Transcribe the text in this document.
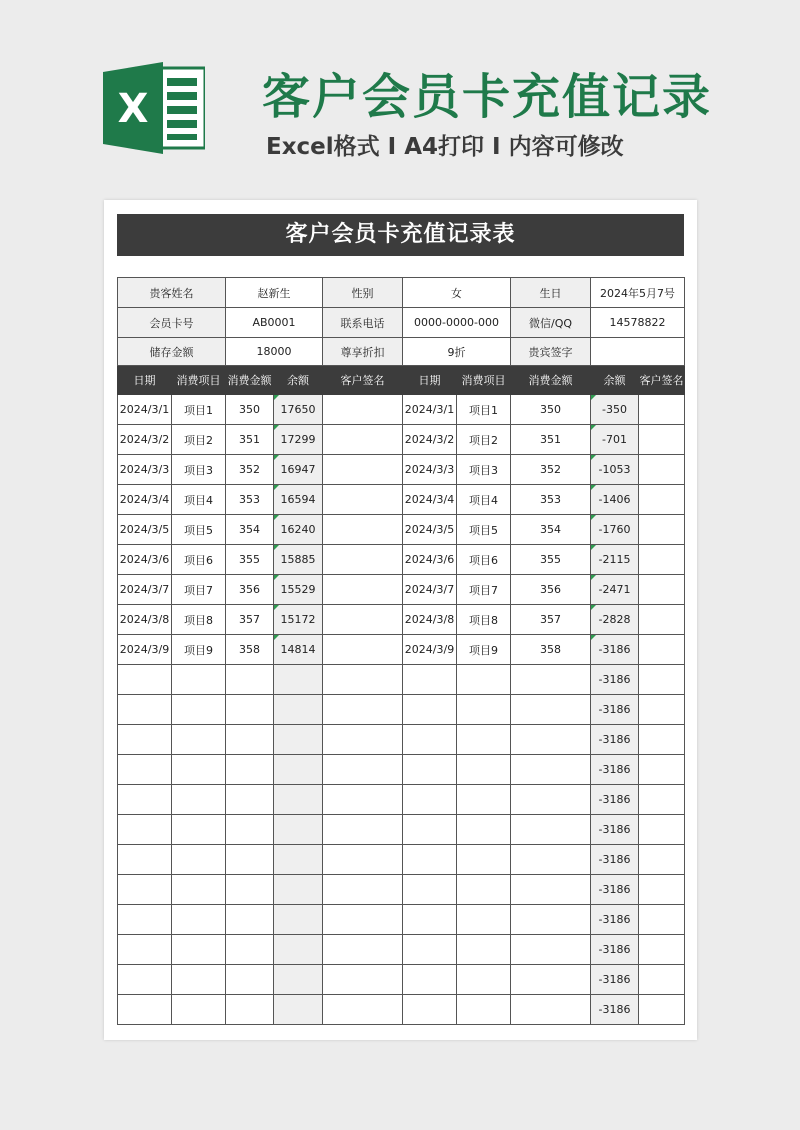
X 客户会员卡充值记录
Excel格式 I A4打印 I 内容可修改
客户会员卡充值记录表
贵客姓名		赵新生		性别	女		生日	2024年5月7号	
会员卡号		AB0001		联系电话	0000-0000-000		微信/QQ	14578822	
储存金额		18000		尊享折扣	9折		贵宾签字		
日期	消费项目	消费金额	余额	客户签名	日期	消费项目	消费金额	余额	客户签名
2024/3/1	项目1	350	17650		2024/3/1	项目1	350	-350	
2024/3/2	项目2	351	17299		2024/3/2	项目2	351	-701	
2024/3/3	项目3	352	16947		2024/3/3	项目3	352	-1053	
2024/3/4	项目4	353	16594		2024/3/4	项目4	353	-1406	
2024/3/5	项目5	354	16240		2024/3/5	项目5	354	-1760	
2024/3/6	项目6	355	15885		2024/3/6	项目6	355	-2115	
2024/3/7	项目7	356	15529		2024/3/7	项目7	356	-2471	
2024/3/8	项目8	357	15172		2024/3/8	项目8	357	-2828	
2024/3/9	项目9	358	14814		2024/3/9	项目9	358	-3186	
								-3186	
								-3186	
								-3186	
								-3186	
								-3186	
								-3186	
								-3186	
								-3186	
								-3186	
								-3186	
								-3186	
								-3186	
